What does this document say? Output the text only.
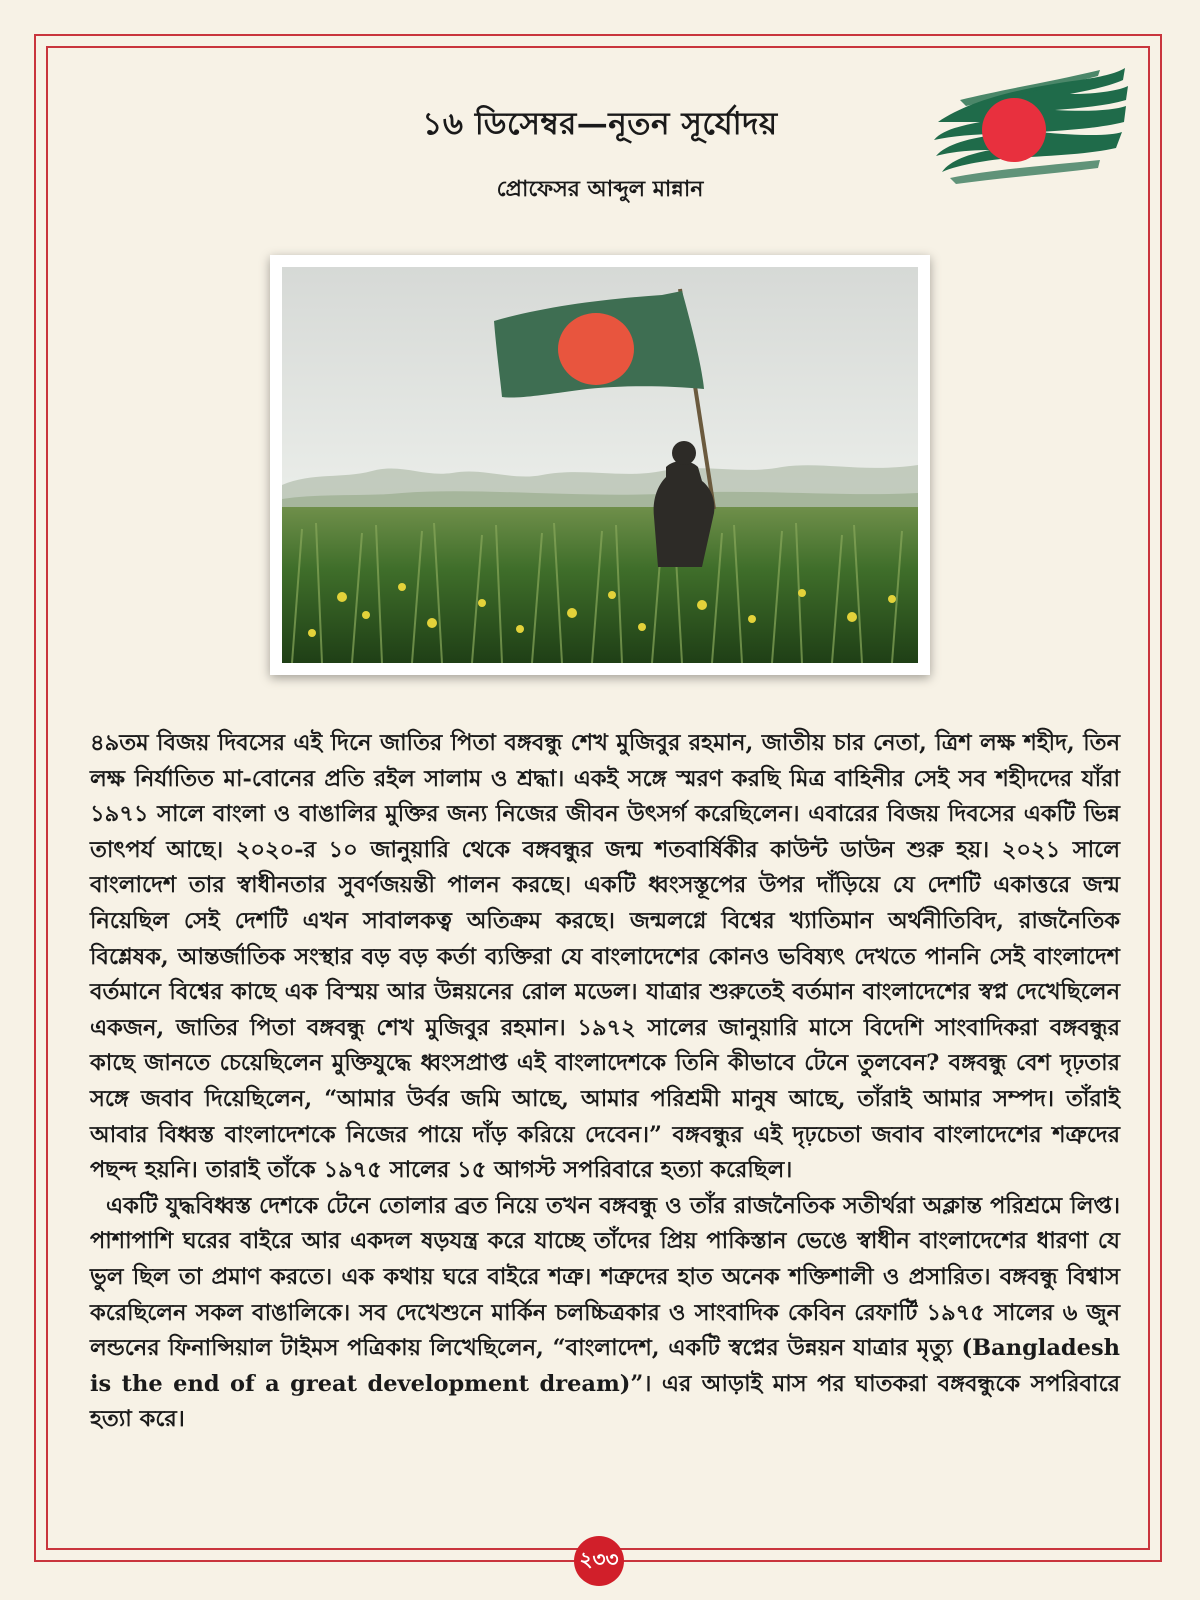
১৬ ডিসেম্বর—নূতন সূর্যোদয়
প্রোফেসর আব্দুল মান্নান

৪৯তম বিজয় দিবসের এই দিনে জাতির পিতা বঙ্গবন্ধু শেখ মুজিবুর রহমান, জাতীয় চার নেতা, ত্রিশ লক্ষ শহীদ, তিন লক্ষ নির্যাতিত মা-বোনের প্রতি রইল সালাম ও শ্রদ্ধা। একই সঙ্গে স্মরণ করছি মিত্র বাহিনীর সেই সব শহীদদের যাঁরা ১৯৭১ সালে বাংলা ও বাঙালির মুক্তির জন্য নিজের জীবন উৎসর্গ করেছিলেন। এবারের বিজয় দিবসের একটি ভিন্ন তাৎপর্য আছে। ২০২০-র ১০ জানুয়ারি থেকে বঙ্গবন্ধুর জন্ম শতবার্ষিকীর কাউন্ট ডাউন শুরু হয়। ২০২১ সালে বাংলাদেশ তার স্বাধীনতার সুবর্ণজয়ন্তী পালন করছে। একটি ধ্বংসস্তূপের উপর দাঁড়িয়ে যে দেশটি একাত্তরে জন্ম নিয়েছিল সেই দেশটি এখন সাবালকত্ব অতিক্রম করছে। জন্মলগ্নে বিশ্বের খ্যাতিমান অর্থনীতিবিদ, রাজনৈতিক বিশ্লেষক, আন্তর্জাতিক সংস্থার বড় বড় কর্তা ব্যক্তিরা যে বাংলাদেশের কোনও ভবিষ্যৎ দেখতে পাননি সেই বাংলাদেশ বর্তমানে বিশ্বের কাছে এক বিস্ময় আর উন্নয়নের রোল মডেল। যাত্রার শুরুতেই বর্তমান বাংলাদেশের স্বপ্ন দেখেছিলেন একজন, জাতির পিতা বঙ্গবন্ধু শেখ মুজিবুর রহমান। ১৯৭২ সালের জানুয়ারি মাসে বিদেশি সাংবাদিকরা বঙ্গবন্ধুর কাছে জানতে চেয়েছিলেন মুক্তিযুদ্ধে ধ্বংসপ্রাপ্ত এই বাংলাদেশকে তিনি কীভাবে টেনে তুলবেন? বঙ্গবন্ধু বেশ দৃঢ়তার সঙ্গে জবাব দিয়েছিলেন, “আমার উর্বর জমি আছে, আমার পরিশ্রমী মানুষ আছে, তাঁরাই আমার সম্পদ। তাঁরাই আবার বিধ্বস্ত বাংলাদেশকে নিজের পায়ে দাঁড় করিয়ে দেবেন।” বঙ্গবন্ধুর এই দৃঢ়চেতা জবাব বাংলাদেশের শত্রুদের পছন্দ হয়নি। তারাই তাঁকে ১৯৭৫ সালের ১৫ আগস্ট সপরিবারে হত্যা করেছিল।

একটি যুদ্ধবিধ্বস্ত দেশকে টেনে তোলার ব্রত নিয়ে তখন বঙ্গবন্ধু ও তাঁর রাজনৈতিক সতীর্থরা অক্লান্ত পরিশ্রমে লিপ্ত। পাশাপাশি ঘরের বাইরে আর একদল ষড়যন্ত্র করে যাচ্ছে তাঁদের প্রিয় পাকিস্তান ভেঙে স্বাধীন বাংলাদেশের ধারণা যে ভুল ছিল তা প্রমাণ করতে। এক কথায় ঘরে বাইরে শত্রু। শত্রুদের হাত অনেক শক্তিশালী ও প্রসারিত। বঙ্গবন্ধু বিশ্বাস করেছিলেন সকল বাঙালিকে। সব দেখেশুনে মার্কিন চলচ্চিত্রকার ও সাংবাদিক কেবিন রেফার্টি ১৯৭৫ সালের ৬ জুন লন্ডনের ফিনান্সিয়াল টাইমস পত্রিকায় লিখেছিলেন, “বাংলাদেশ, একটি স্বপ্নের উন্নয়ন যাত্রার মৃত্যু (Bangladesh is the end of a great development dream)”। এর আড়াই মাস পর ঘাতকরা বঙ্গবন্ধুকে সপরিবারে হত্যা করে।

২৩৩
